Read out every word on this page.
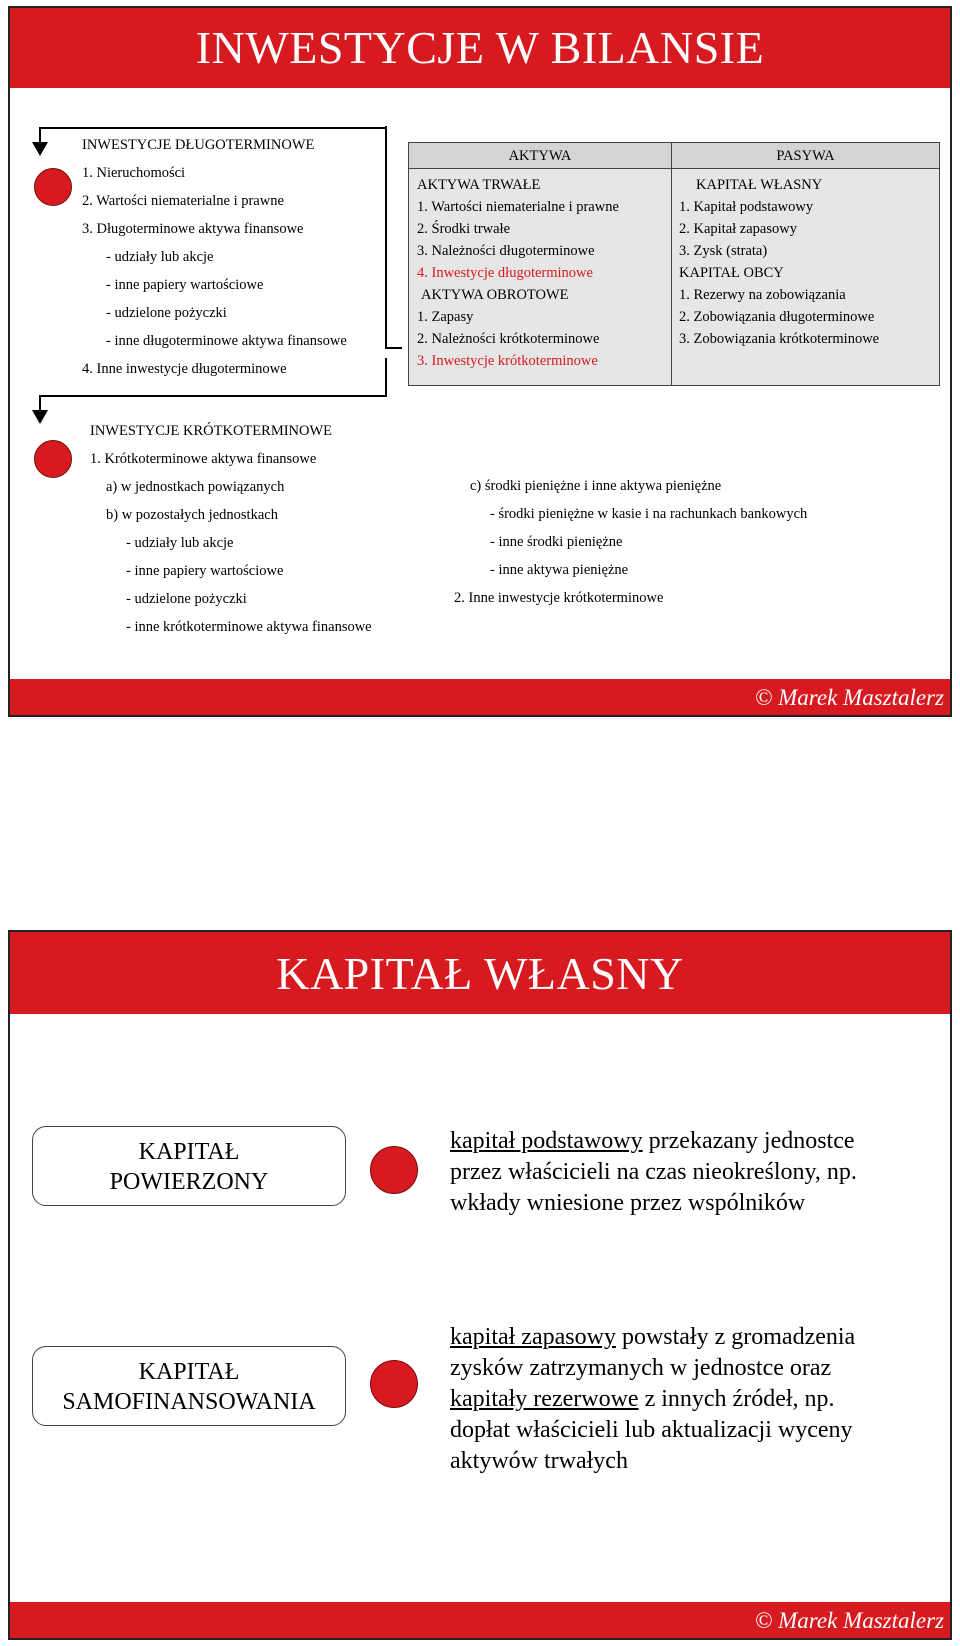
INWESTYCJE W BILANSIE
INWESTYCJE DŁUGOTERMINOWE
1. Nieruchomości
2. Wartości niematerialne i prawne
3. Długoterminowe aktywa finansowe
- udziały lub akcje
- inne papiery wartościowe
- udzielone pożyczki
- inne długoterminowe aktywa finansowe
4. Inne inwestycje długoterminowe
AKTYWA	PASYWA
AKTYWA TRWAŁE
1. Wartości niematerialne i prawne
2. Środki trwałe
3. Należności długoterminowe
4. Inwestycje długoterminowe
AKTYWA OBROTOWE
1. Zapasy
2. Należności krótkoterminowe
3. Inwestycje krótkoterminowe
KAPITAŁ WŁASNY
1. Kapitał podstawowy
2. Kapitał zapasowy
3. Zysk (strata)
KAPITAŁ OBCY
1. Rezerwy na zobowiązania
2. Zobowiązania długoterminowe
3. Zobowiązania krótkoterminowe
INWESTYCJE KRÓTKOTERMINOWE
1. Krótkoterminowe aktywa finansowe
a) w jednostkach powiązanych
b) w pozostałych jednostkach
- udziały lub akcje
- inne papiery wartościowe
- udzielone pożyczki
- inne krótkoterminowe aktywa finansowe
c) środki pieniężne i inne aktywa pieniężne
- środki pieniężne w kasie i na rachunkach bankowych
- inne środki pieniężne
- inne aktywa pieniężne
2. Inne inwestycje krótkoterminowe
© Marek Masztalerz
KAPITAŁ WŁASNY
KAPITAŁ
POWIERZONY
kapitał podstawowy przekazany jednostce
przez właścicieli na czas nieokreślony, np.
wkłady wniesione przez wspólników
KAPITAŁ
SAMOFINANSOWANIA
kapitał zapasowy powstały z gromadzenia
zysków zatrzymanych w jednostce oraz
kapitały rezerwowe z innych źródeł, np.
dopłat właścicieli lub aktualizacji wyceny
aktywów trwałych
© Marek Masztalerz
